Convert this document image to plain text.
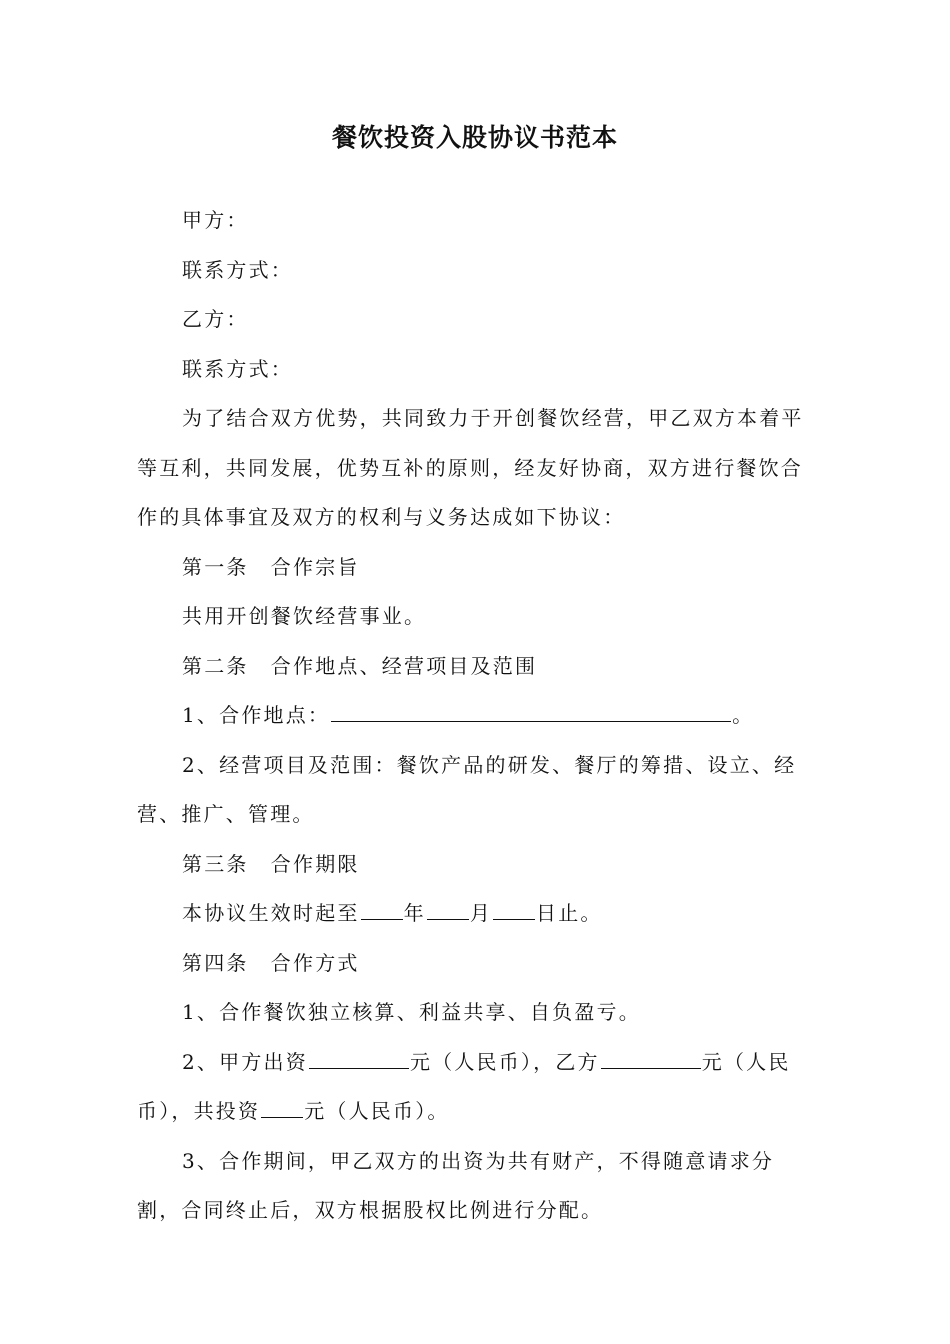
餐饮投资入股协议书范本

甲方：

联系方式：

乙方：

联系方式：

为了结合双方优势，共同致力于开创餐饮经营，甲乙双方本着平等互利，共同发展，优势互补的原则，经友好协商，双方进行餐饮合作的具体事宜及双方的权利与义务达成如下协议：

第一条　合作宗旨

共用开创餐饮经营事业。

第二条　合作地点、经营项目及范围

1、合作地点：	。

2、经营项目及范围：餐饮产品的研发、餐厅的筹措、设立、经营、推广、管理。

第三条　合作期限

本协议生效时起至 年 月 日止。

第四条　合作方式

1、合作餐饮独立核算、利益共享、自负盈亏。

2、甲方出资	元（人民币），乙方	元（人民币），共投资 元（人民币）。

3、合作期间，甲乙双方的出资为共有财产，不得随意请求分割，合同终止后，双方根据股权比例进行分配。
